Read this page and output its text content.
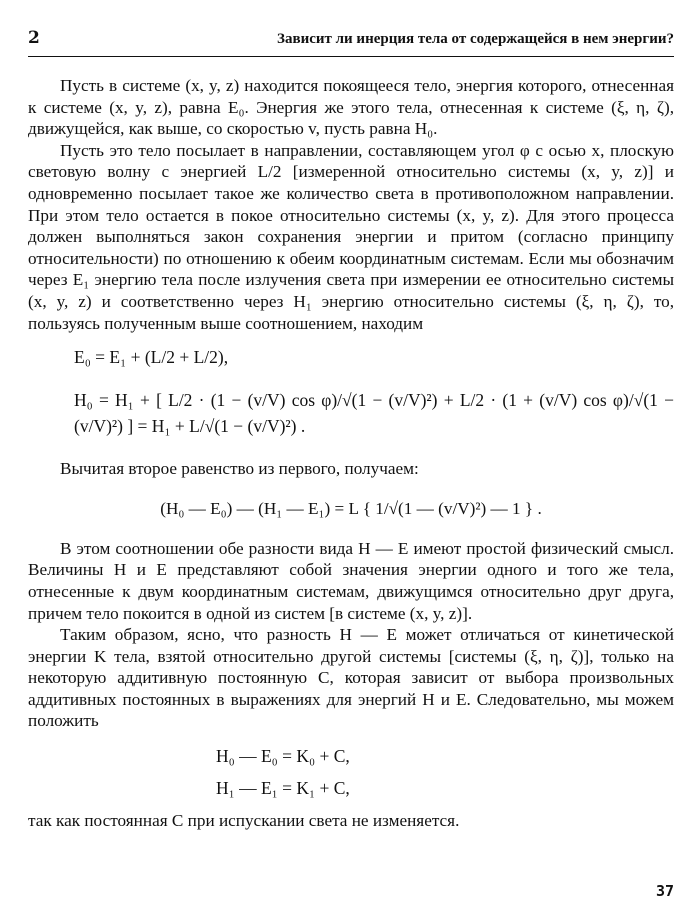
2	Зависит ли инерция тела от содержащейся в нем энергии?

Пусть в системе (x, y, z) находится покоящееся тело, энергия которого, отнесенная к системе (x, y, z), равна E₀. Энергия же этого тела, отнесенная к системе (ξ, η, ζ), движущейся, как выше, со скоростью v, пусть равна H₀.

Пусть это тело посылает в направлении, составляющем угол φ с осью x, плоскую световую волну с энергией L/2 [измеренной относительно системы (x, y, z)] и одновременно посылает такое же количество света в противоположном направлении. При этом тело остается в покое относительно системы (x, y, z). Для этого процесса должен выполняться закон сохранения энергии и притом (согласно принципу относительности) по отношению к обеим координатным системам. Если мы обозначим через E₁ энергию тела после излучения света при измерении ее относительно системы (x, y, z) и соответственно через H₁ энергию относительно системы (ξ, η, ζ), то, пользуясь полученным выше соотношением, находим

E₀ = E₁ + (L/2 + L/2),
H₀ = H₁ + [ L/2 · (1 − (v/V) cos φ)/√(1 − (v/V)²) + L/2 · (1 + (v/V) cos φ)/√(1 − (v/V)²) ] = H₁ + L/√(1 − (v/V)²) .

Вычитая второе равенство из первого, получаем:

(H₀ — E₀) — (H₁ — E₁) = L { 1/√(1 — (v/V)²) — 1 } .

В этом соотношении обе разности вида H — E имеют простой физический смысл. Величины H и E представляют собой значения энергии одного и того же тела, отнесенные к двум координатным системам, движущимся относительно друг друга, причем тело покоится в одной из систем [в системе (x, y, z)].

Таким образом, ясно, что разность H — E может отличаться от кинетической энергии K тела, взятой относительно другой системы [системы (ξ, η, ζ)], только на некоторую аддитивную постоянную C, которая зависит от выбора произвольных аддитивных постоянных в выражениях для энергий H и E. Следовательно, мы можем положить

H₀ — E₀ = K₀ + C,
H₁ — E₁ = K₁ + C,

так как постоянная C при испускании света не изменяется.

37
